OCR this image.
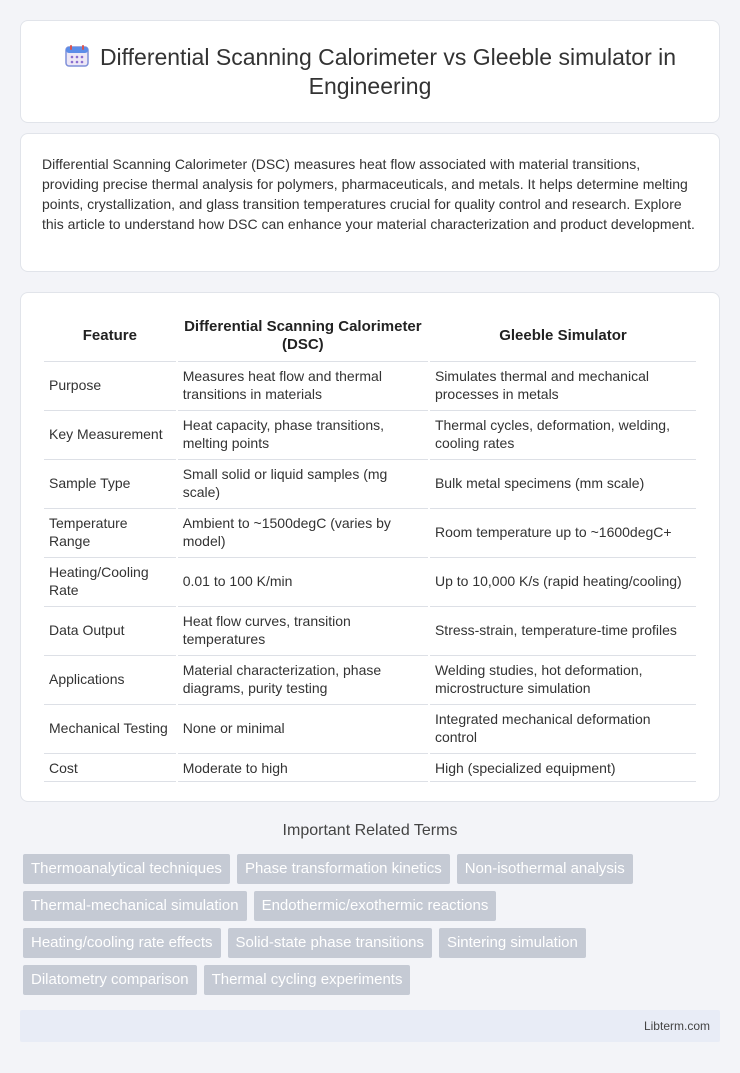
Differential Scanning Calorimeter vs Gleeble simulator in Engineering

Differential Scanning Calorimeter (DSC) measures heat flow associated with material transitions, providing precise thermal analysis for polymers, pharmaceuticals, and metals. It helps determine melting points, crystallization, and glass transition temperatures crucial for quality control and research. Explore this article to understand how DSC can enhance your material characterization and product development.

Feature	Differential Scanning Calorimeter (DSC)	Gleeble Simulator
Purpose	Measures heat flow and thermal transitions in materials	Simulates thermal and mechanical processes in metals
Key Measurement	Heat capacity, phase transitions, melting points	Thermal cycles, deformation, welding, cooling rates
Sample Type	Small solid or liquid samples (mg scale)	Bulk metal specimens (mm scale)
Temperature Range	Ambient to ~1500degC (varies by model)	Room temperature up to ~1600degC+
Heating/Cooling Rate	0.01 to 100 K/min	Up to 10,000 K/s (rapid heating/cooling)
Data Output	Heat flow curves, transition temperatures	Stress-strain, temperature-time profiles
Applications	Material characterization, phase diagrams, purity testing	Welding studies, hot deformation, microstructure simulation
Mechanical Testing	None or minimal	Integrated mechanical deformation control
Cost	Moderate to high	High (specialized equipment)
Important Related Terms
Thermoanalytical techniques	Phase transformation kinetics	Non-isothermal analysis
Thermal-mechanical simulation	Endothermic/exothermic reactions
Heating/cooling rate effects	Solid-state phase transitions	Sintering simulation
Dilatometry comparison	Thermal cycling experiments
Libterm.com
